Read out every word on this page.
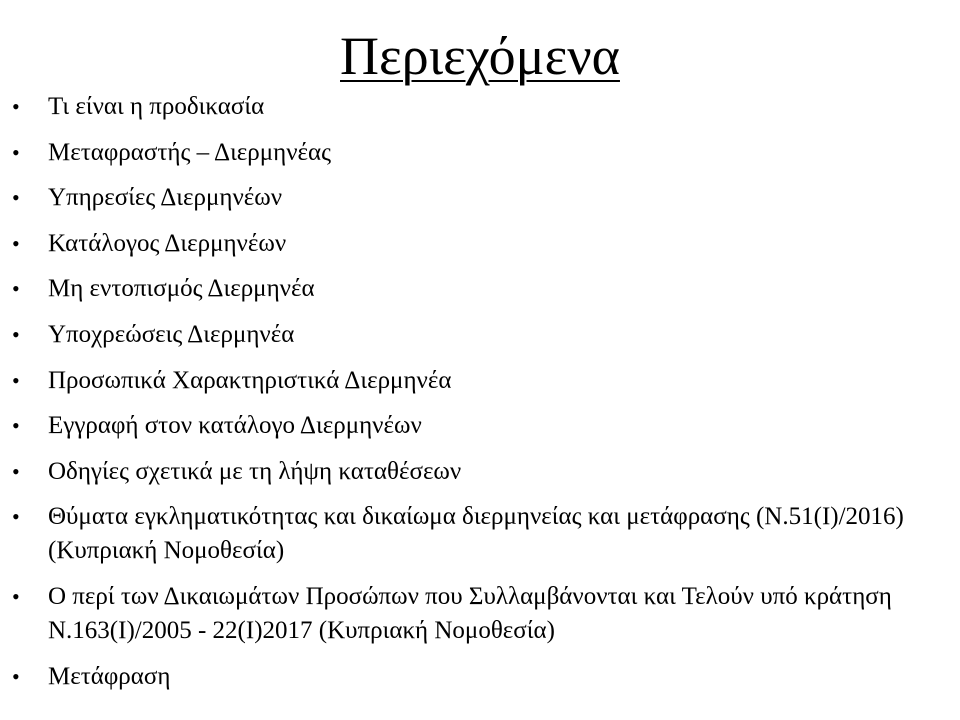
Περιεχόμενα
• Τι είναι η προδικασία
• Μεταφραστής – Διερμηνέας
• Υπηρεσίες Διερμηνέων
• Κατάλογος Διερμηνέων
• Μη εντοπισμός Διερμηνέα
• Υποχρεώσεις Διερμηνέα
• Προσωπικά Χαρακτηριστικά Διερμηνέα
• Εγγραφή στον κατάλογο Διερμηνέων
• Οδηγίες σχετικά με τη λήψη καταθέσεων
• Θύματα εγκληματικότητας και δικαίωμα διερμηνείας και μετάφρασης (Ν.51(Ι)/2016) (Κυπριακή Νομοθεσία)
• Ο περί των Δικαιωμάτων Προσώπων που Συλλαμβάνονται και Τελούν υπό κράτηση Ν.163(Ι)/2005 - 22(Ι)2017 (Κυπριακή Νομοθεσία)
• Μετάφραση
